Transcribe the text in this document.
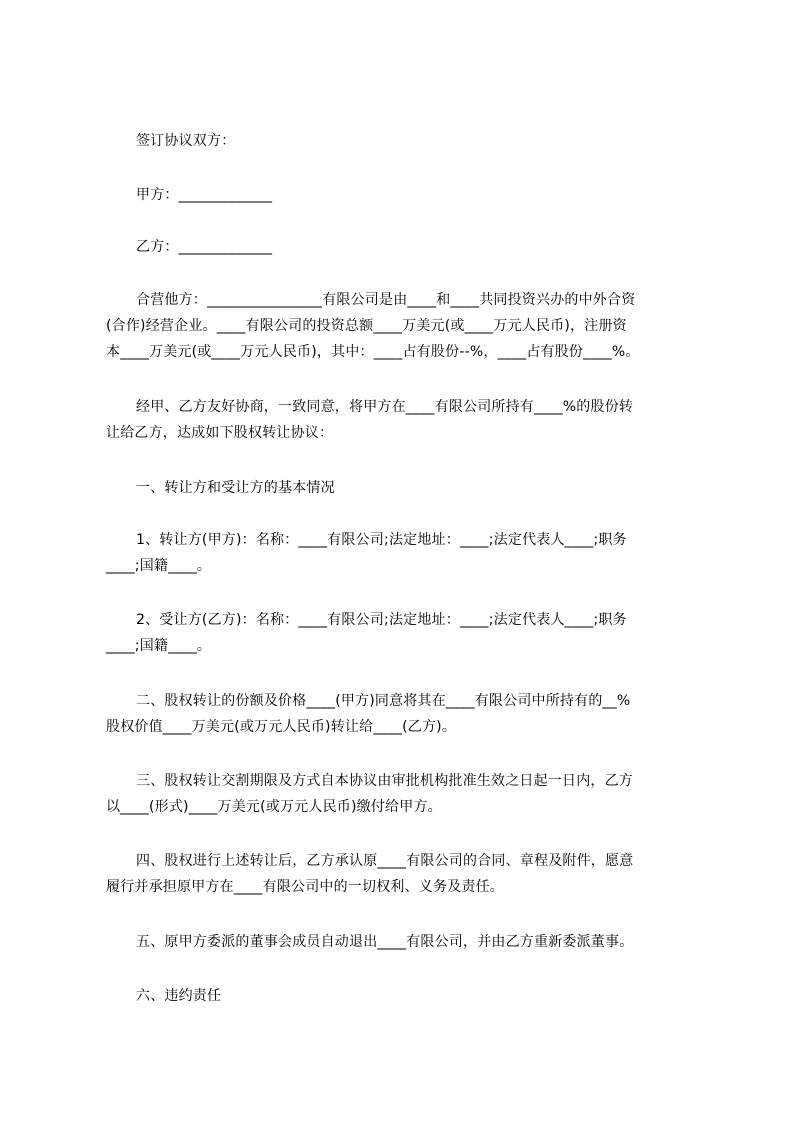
签订协议双方：
甲方：_____________
乙方：_____________
合营他方：________________有限公司是由____和____共同投资兴办的中外合资
(合作)经营企业。____有限公司的投资总额____万美元(或____万元人民币)，注册资
本____万美元(或____万元人民币)，其中：____占有股份--%，____占有股份____%。
经甲、乙方友好协商，一致同意，将甲方在____有限公司所持有____%的股份转
让给乙方，达成如下股权转让协议：
一、转让方和受让方的基本情况
1、转让方(甲方)：名称：____有限公司;法定地址：____;法定代表人____;职务
____;国籍____。
2、受让方(乙方)：名称：____有限公司;法定地址：____;法定代表人____;职务
____;国籍____。
二、股权转让的份额及价格____(甲方)同意将其在____有限公司中所持有的__%
股权价值____万美元(或万元人民币)转让给____(乙方)。
三、股权转让交割期限及方式自本协议由审批机构批准生效之日起一日内，乙方
以____(形式)____万美元(或万元人民币)缴付给甲方。
四、股权进行上述转让后，乙方承认原____有限公司的合同、章程及附件，愿意
履行并承担原甲方在____有限公司中的一切权利、义务及责任。
五、原甲方委派的董事会成员自动退出____有限公司，并由乙方重新委派董事。
六、违约责任
